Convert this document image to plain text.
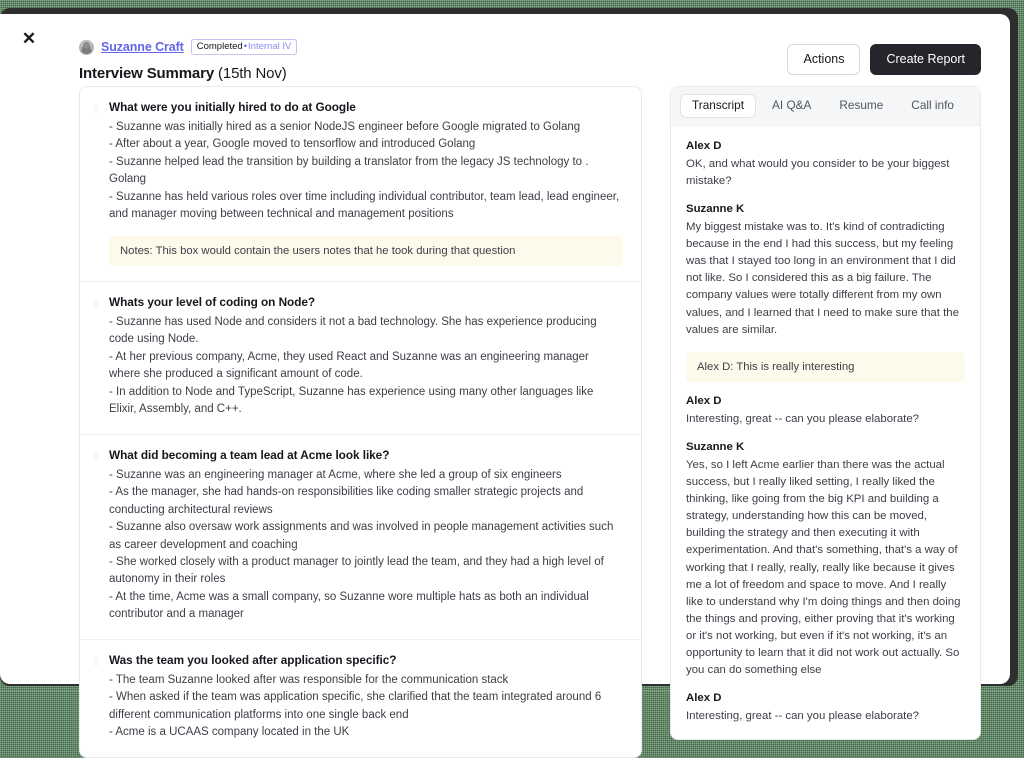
Suzanne Craft	Completed•Internal IV
Interview Summary (15th Nov)
Actions	Create Report
What were you initially hired to do at Google

- Suzanne was initially hired as a senior NodeJS engineer before Google migrated to Golang

- After about a year, Google moved to tensorflow and introduced Golang

- Suzanne helped lead the transition by building a translator from the legacy JS technology to . Golang

- Suzanne has held various roles over time including individual contributor, team lead, lead engineer, and manager moving between technical and management positions

Notes: This box would contain the users notes that he took during that question
Whats your level of coding on Node?

- Suzanne has used Node and considers it not a bad technology. She has experience producing code using Node.

- At her previous company, Acme, they used React and Suzanne was an engineering manager where she produced a significant amount of code.

- In addition to Node and TypeScript, Suzanne has experience using many other languages like Elixir, Assembly, and C++.

What did becoming a team lead at Acme look like?

- Suzanne was an engineering manager at Acme, where she led a group of six engineers

- As the manager, she had hands-on responsibilities like coding smaller strategic projects and conducting architectural reviews

- Suzanne also oversaw work assignments and was involved in people management activities such as career development and coaching

- She worked closely with a product manager to jointly lead the team, and they had a high level of autonomy in their roles

- At the time, Acme was a small company, so Suzanne wore multiple hats as both an individual contributor and a manager

Was the team you looked after application specific?

- The team Suzanne looked after was responsible for the communication stack

- When asked if the team was application specific, she clarified that the team integrated around 6 different communication platforms into one single back end

- Acme is a UCAAS company located in the UK

Transcript	AI Q&A	Resume	Call info
Alex D
OK, and what would you consider to be your biggest mistake?
Suzanne K
My biggest mistake was to. It's kind of contradicting because in the end I had this success, but my feeling was that I stayed too long in an environment that I did not like. So I considered this as a big failure. The company values were totally different from my own values, and I learned that I need to make sure that the values are similar.
Alex D: This is really interesting
Alex D
Interesting, great -- can you please elaborate?
Suzanne K
Yes, so I left Acme earlier than there was the actual success, but I really liked setting, I really liked the thinking, like going from the big KPI and building a strategy, understanding how this can be moved, building the strategy and then executing it with experimentation. And that's something, that's a way of working that I really, really, really like because it gives me a lot of freedom and space to move. And I really like to understand why I'm doing things and then doing the things and proving, either proving that it's working or it's not working, but even if it's not working, it's an opportunity to learn that it did not work out actually. So you can do something else
Alex D
Interesting, great -- can you please elaborate?
✕
